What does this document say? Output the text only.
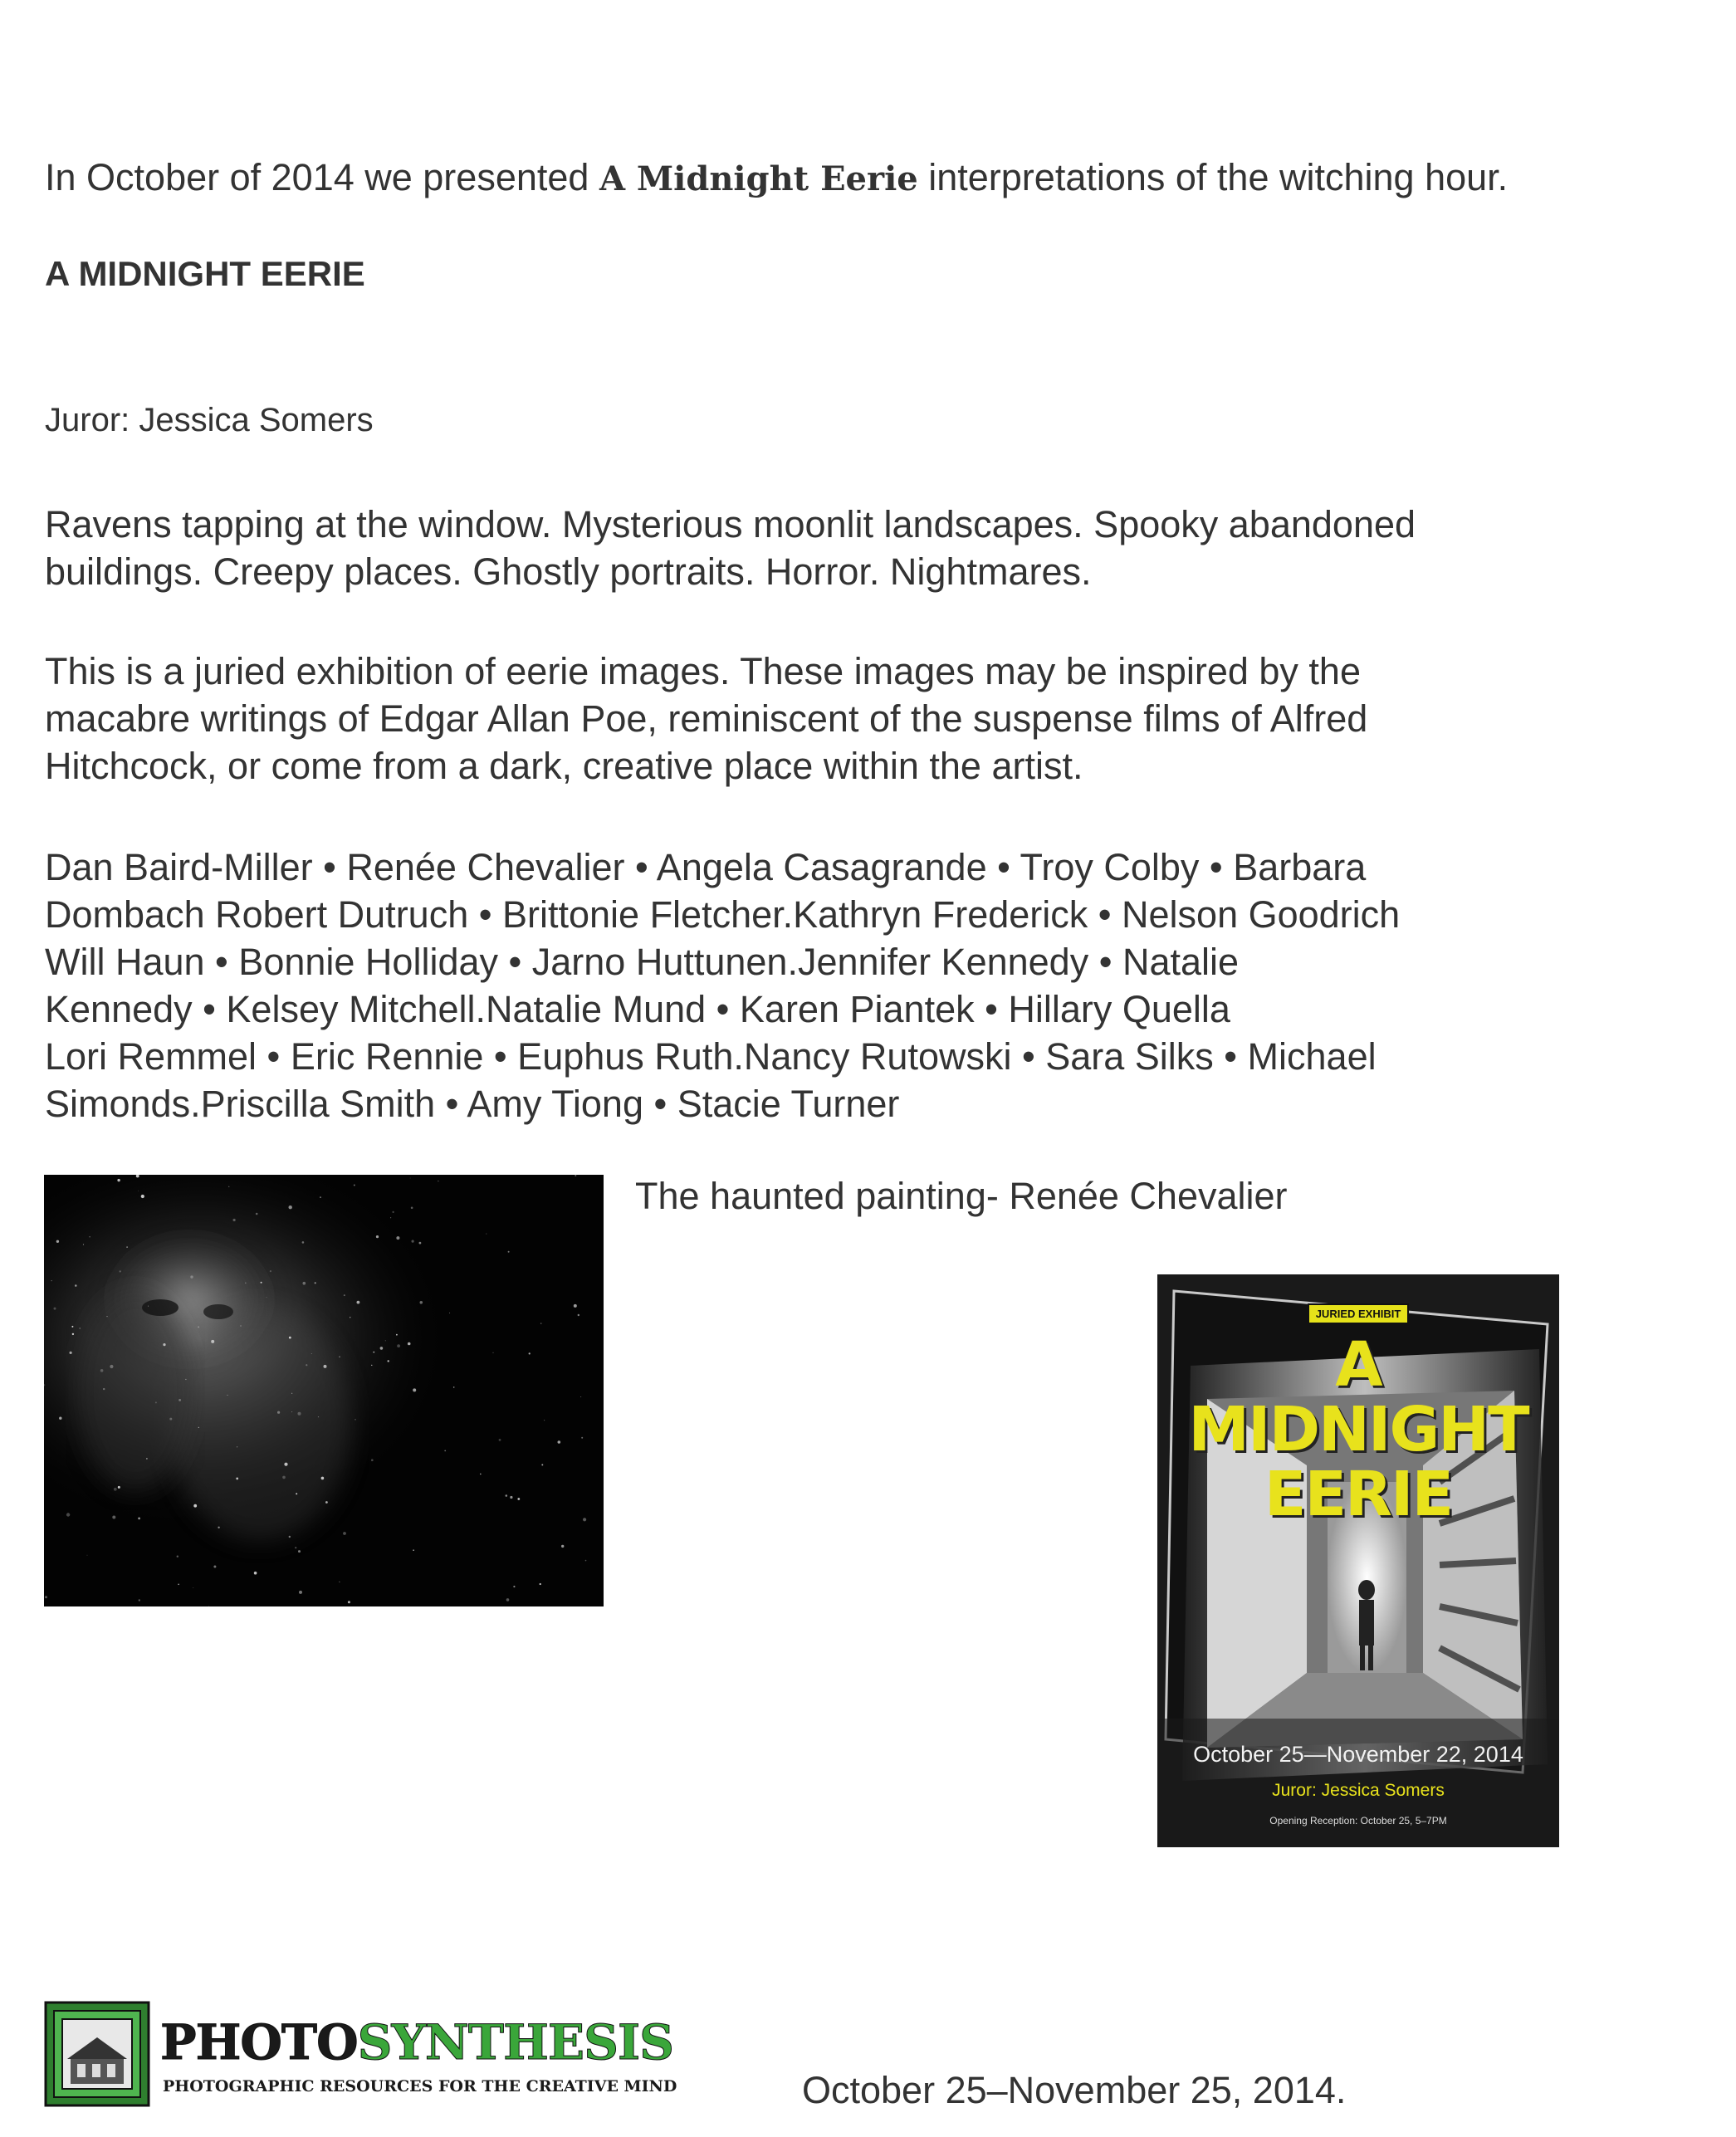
In October of 2014 we presented A Midnight Eerie interpretations of the witching hour.
A MIDNIGHT EERIE
Juror: Jessica Somers
Ravens tapping at the window. Mysterious moonlit landscapes. Spooky abandoned
buildings. Creepy places. Ghostly portraits. Horror. Nightmares.
This is a juried exhibition of eerie images. These images may be inspired by the
macabre writings of Edgar Allan Poe, reminiscent of the suspense films of Alfred
Hitchcock, or come from a dark, creative place within the artist.
Dan Baird-Miller • Renée Chevalier • Angela Casagrande • Troy Colby • Barbara
Dombach Robert Dutruch • Brittonie Fletcher.Kathryn Frederick • Nelson Goodrich
Will Haun • Bonnie Holliday • Jarno Huttunen.Jennifer Kennedy • Natalie
Kennedy • Kelsey Mitchell.Natalie Mund • Karen Piantek • Hillary Quella
Lori Remmel • Eric Rennie • Euphus Ruth.Nancy Rutowski • Sara Silks • Michael
Simonds.Priscilla Smith • Amy Tiong • Stacie Turner
The haunted painting- Renée Chevalier
JURIED EXHIBIT
A MIDNIGHT
EERIE
October 25—November 22, 2014
Juror: Jessica Somers
Opening Reception: October 25, 5–7PM
PHOTOSYNTHESIS
PHOTOGRAPHIC RESOURCES FOR THE CREATIVE MIND	October 25–November 25, 2014.
